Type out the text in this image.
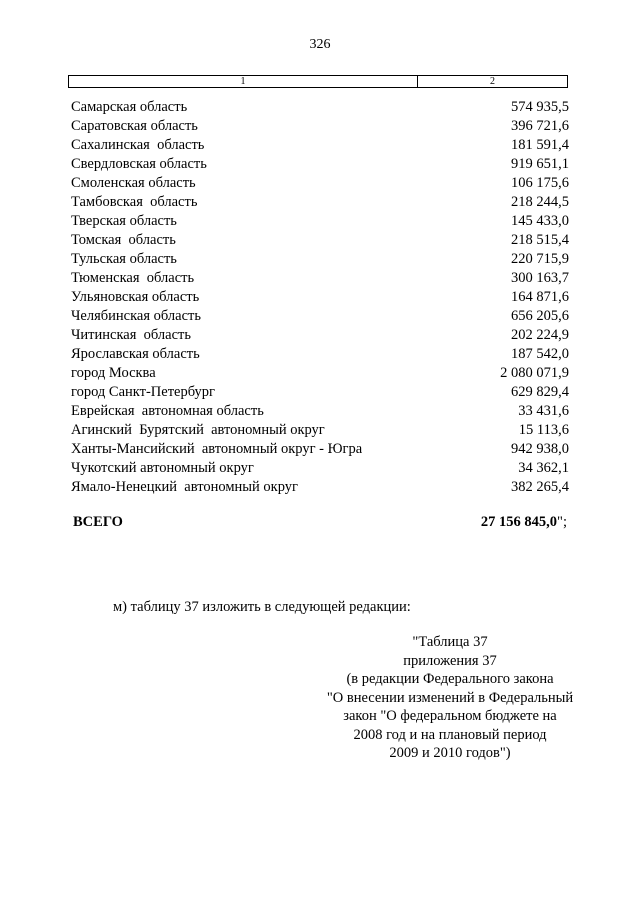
326
1	2
Самарская область	574 935,5
Саратовская область	396 721,6
Сахалинская  область	181 591,4
Свердловская область	919 651,1
Смоленская область	106 175,6
Тамбовская  область	218 244,5
Тверская область	145 433,0
Томская  область	218 515,4
Тульская область	220 715,9
Тюменская  область	300 163,7
Ульяновская область	164 871,6
Челябинская область	656 205,6
Читинская  область	202 224,9
Ярославская область	187 542,0
город Москва	2 080 071,9
город Санкт-Петербург	629 829,4
Еврейская  автономная область	33 431,6
Агинский  Бурятский  автономный округ	15 113,6
Ханты-Мансийский  автономный округ - Югра	942 938,0
Чукотский автономный округ	34 362,1
Ямало-Ненецкий  автономный округ	382 265,4
ВСЕГО	27 156 845,0";
м) таблицу 37 изложить в следующей редакции:
"Таблица 37
приложения 37
(в редакции Федерального закона
"О внесении изменений в Федеральный
закон "О федеральном бюджете на
2008 год и на плановый период
2009 и 2010 годов")
